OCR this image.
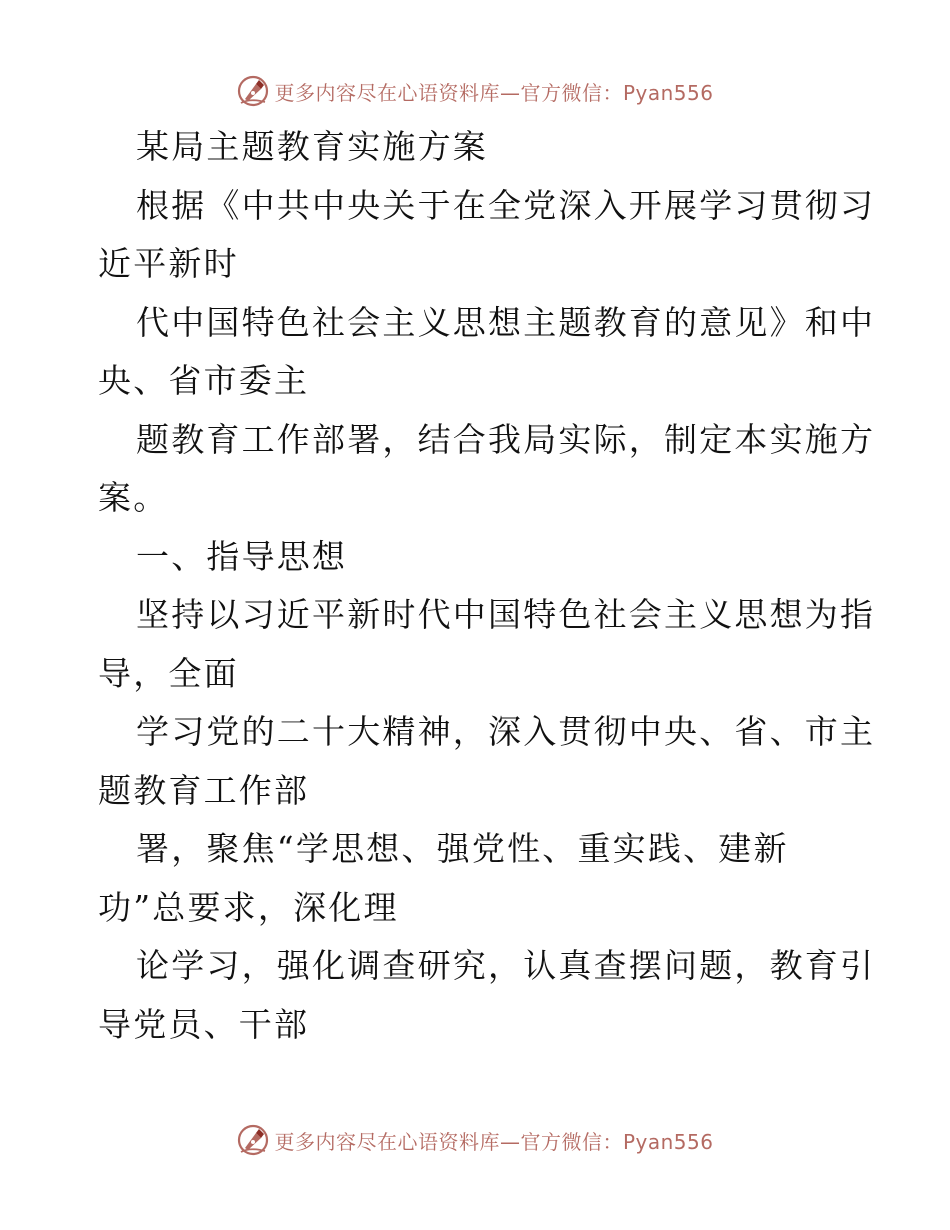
更多内容尽在心语资料库—官方微信：Pyan556
某局主题教育实施方案
根据《中共中央关于在全党深入开展学习贯彻习
近平新时
代中国特色社会主义思想主题教育的意见》和中
央、省市委主
题教育工作部署，结合我局实际，制定本实施方
案。
一、指导思想
坚持以习近平新时代中国特色社会主义思想为指
导，全面
学习党的二十大精神，深入贯彻中央、省、市主
题教育工作部
署，聚焦“学思想、强党性、重实践、建新
功”总要求，深化理
论学习，强化调查研究，认真查摆问题，教育引
导党员、干部
更多内容尽在心语资料库—官方微信：Pyan556
